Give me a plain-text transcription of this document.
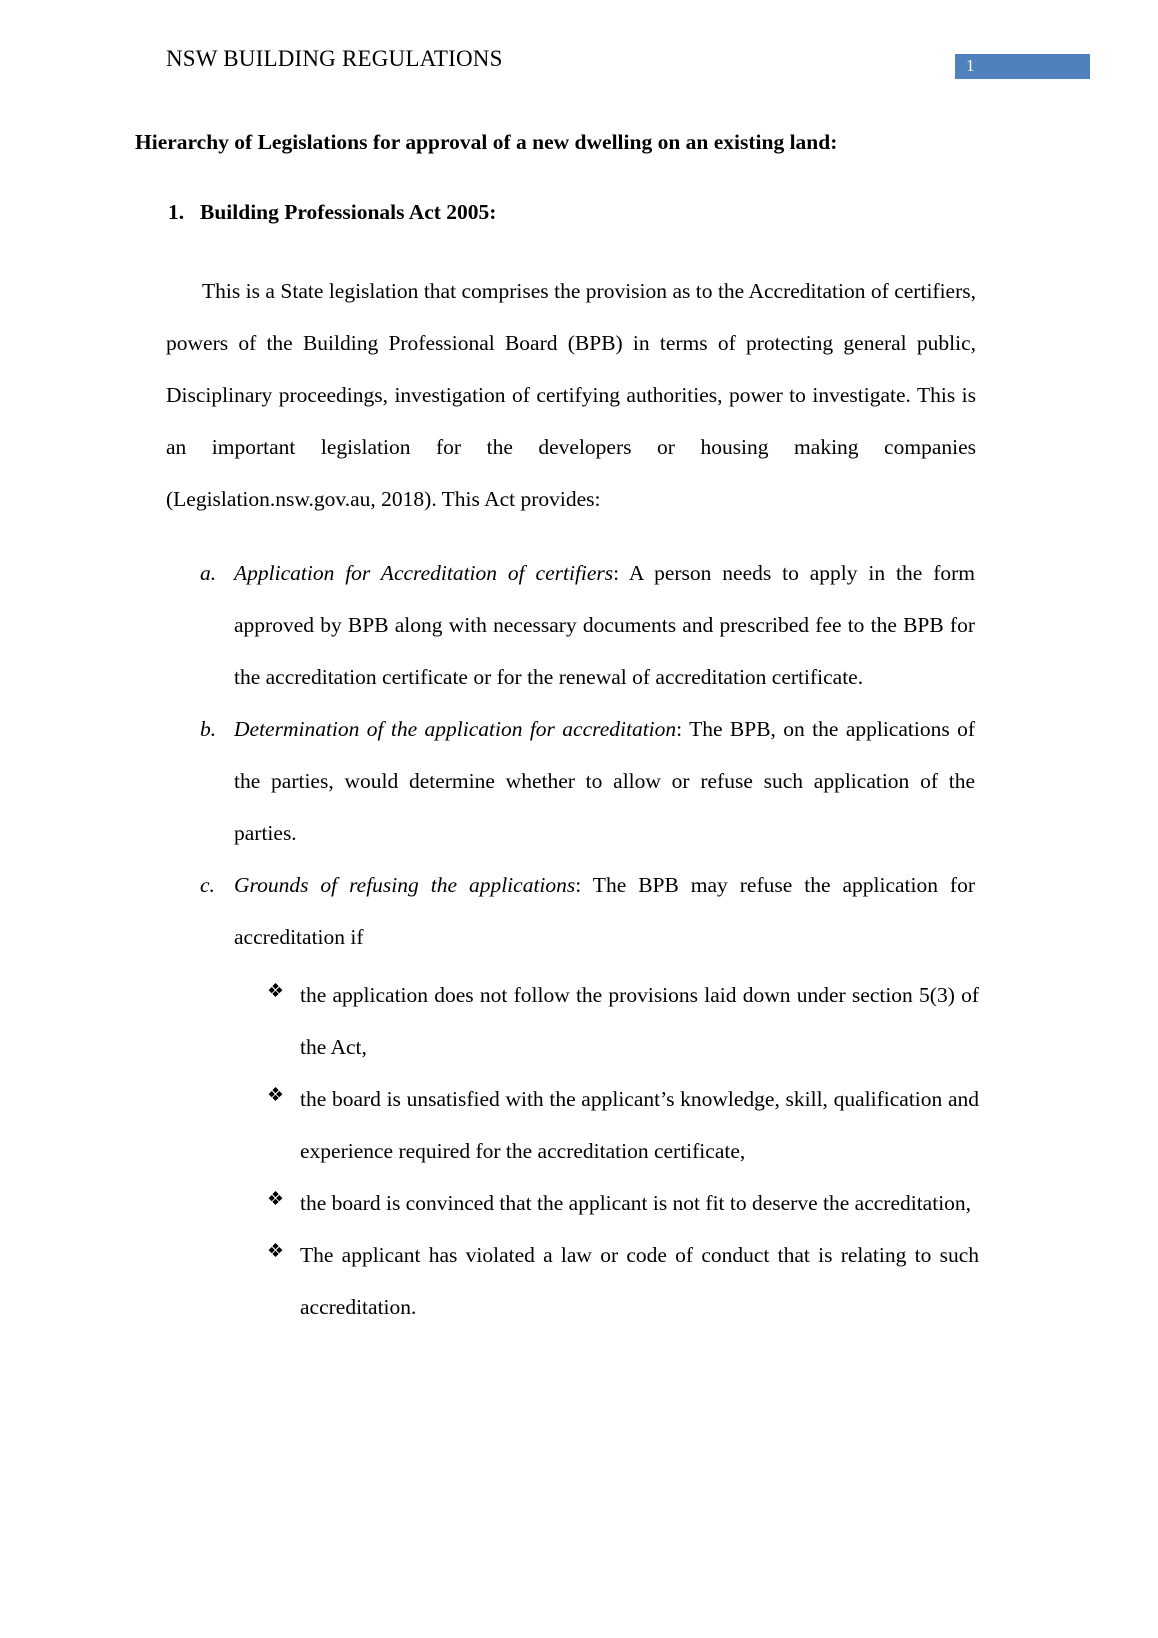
NSW BUILDING REGULATIONS	1
Hierarchy of Legislations for approval of a new dwelling on an existing land:
1. Building Professionals Act 2005:

This is a State legislation that comprises the provision as to the Accreditation of certifiers, powers of the Building Professional Board (BPB) in terms of protecting general public, Disciplinary proceedings, investigation of certifying authorities, power to investigate. This is an important legislation for the developers or housing making companies (Legislation.nsw.gov.au, 2018). This Act provides:

a. Application for Accreditation of certifiers: A person needs to apply in the form approved by BPB along with necessary documents and prescribed fee to the BPB for the accreditation certificate or for the renewal of accreditation certificate.
b. Determination of the application for accreditation: The BPB, on the applications of the parties, would determine whether to allow or refuse such application of the parties.
c. Grounds of refusing the applications: The BPB may refuse the application for accreditation if
❖ the application does not follow the provisions laid down under section 5(3) of the Act,
❖ the board is unsatisfied with the applicant’s knowledge, skill, qualification and experience required for the accreditation certificate,
❖ the board is convinced that the applicant is not fit to deserve the accreditation,
❖ The applicant has violated a law or code of conduct that is relating to such accreditation.
